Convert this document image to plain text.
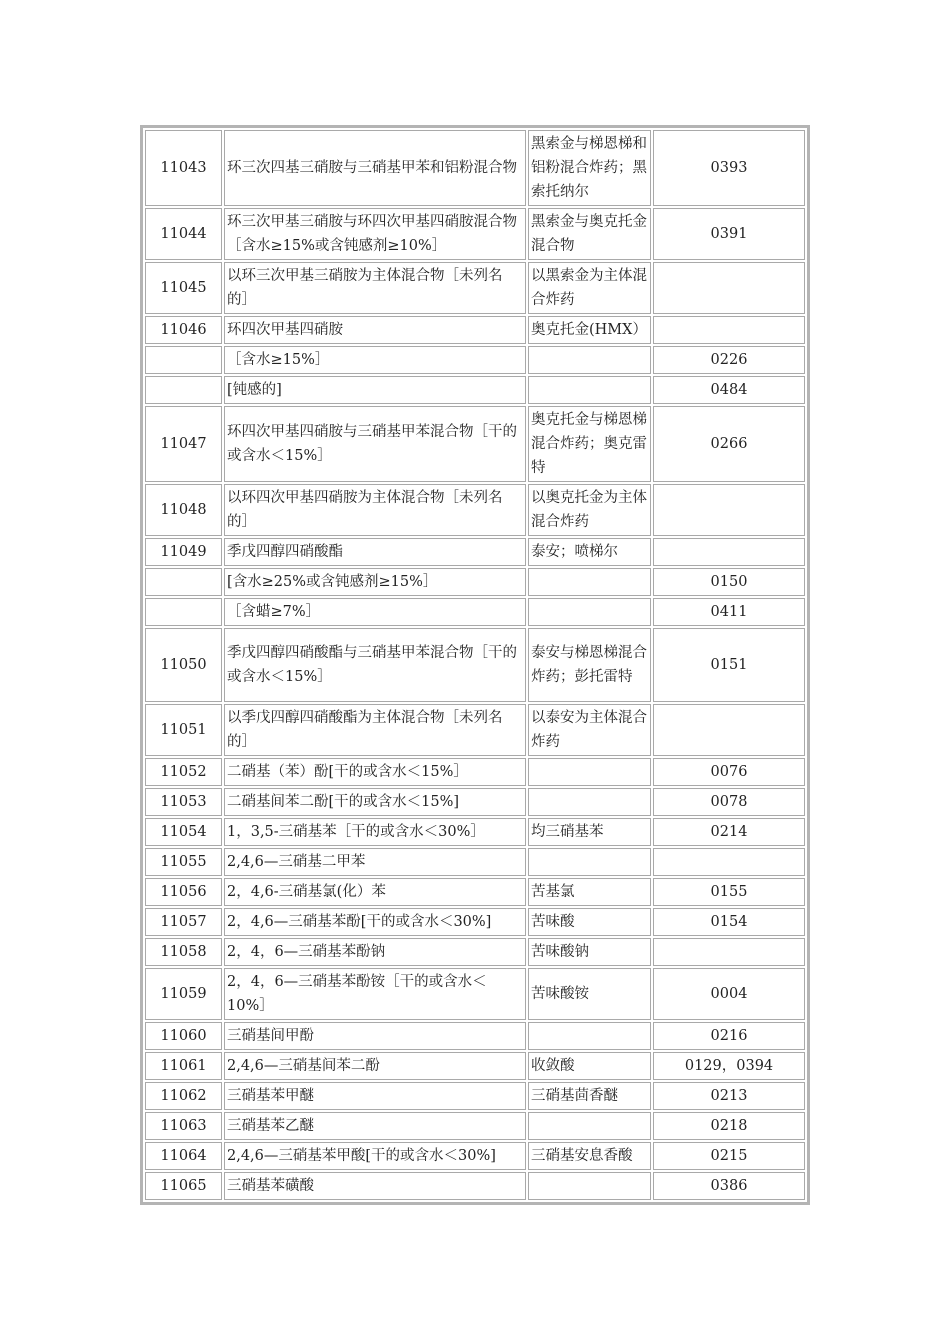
11043	环三次四基三硝胺与三硝基甲苯和铝粉混合物	黑索金与梯恩梯和铝粉混合炸药；黑索托纳尔	0393
11044	环三次甲基三硝胺与环四次甲基四硝胺混合物［含水≥15%或含钝感剂≥10%］	黑索金与奥克托金混合物	0391
11045	以环三次甲基三硝胺为主体混合物［未列名的］	以黑索金为主体混合炸药	
11046	环四次甲基四硝胺	奥克托金(HMX）	
	［含水≥15%］		0226
	[钝感的]		0484
11047	环四次甲基四硝胺与三硝基甲苯混合物［干的或含水＜15%］	奥克托金与梯恩梯混合炸药；奥克雷特	0266
11048	以环四次甲基四硝胺为主体混合物［未列名的］	以奥克托金为主体混合炸药	
11049	季戊四醇四硝酸酯	泰安；喷梯尔	
	[含水≥25%或含钝感剂≥15%］		0150
	［含蜡≥7%］		0411
11050	季戊四醇四硝酸酯与三硝基甲苯混合物［干的或含水＜15%］	泰安与梯恩梯混合炸药；彭托雷特	0151
11051	以季戊四醇四硝酸酯为主体混合物［未列名的］	以泰安为主体混合炸药	
11052	二硝基（苯）酚[干的或含水＜15%］		0076
11053	二硝基间苯二酚[干的或含水＜15%]		0078
11054	1，3,5-三硝基苯［干的或含水＜30%］	均三硝基苯	0214
11055	2,4,6—三硝基二甲苯		
11056	2，4,6-三硝基氯(化）苯	苦基氯	0155
11057	2，4,6—三硝基苯酚[干的或含水＜30%]	苦味酸	0154
11058	2，4，6—三硝基苯酚钠	苦味酸钠	
11059	2，4，6—三硝基苯酚铵［干的或含水＜10%］	苦味酸铵	0004
11060	三硝基间甲酚		0216
11061	2,4,6—三硝基间苯二酚	收敛酸	0129，0394
11062	三硝基苯甲醚	三硝基茴香醚	0213
11063	三硝基苯乙醚		0218
11064	2,4,6—三硝基苯甲酸[干的或含水＜30%]	三硝基安息香酸	0215
11065	三硝基苯磺酸		0386
